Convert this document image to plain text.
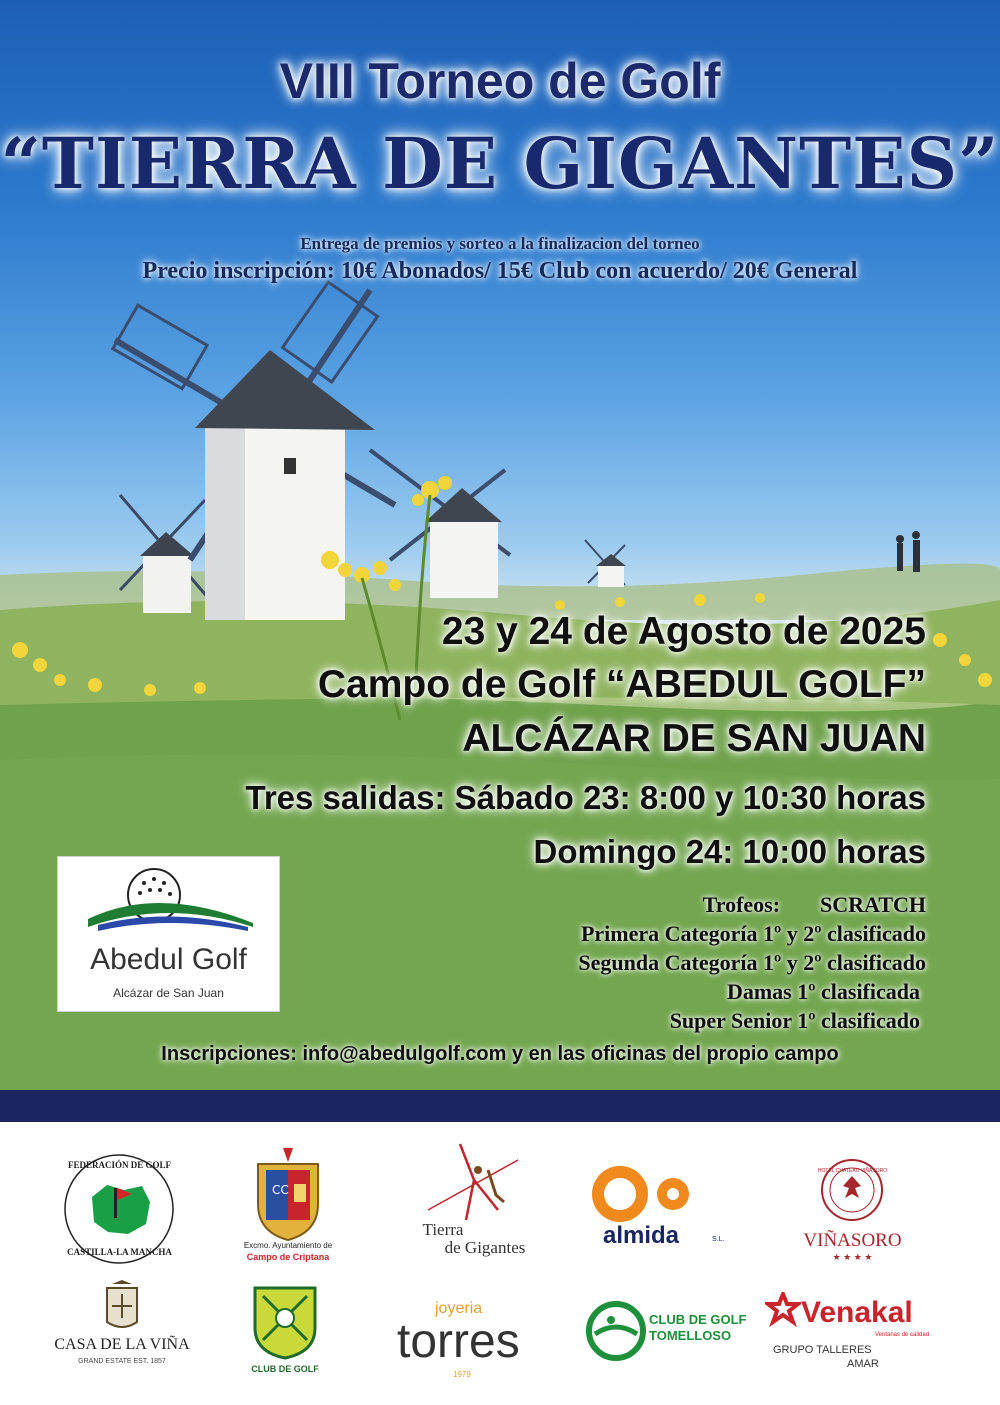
VIII Torneo de Golf
“TIERRA DE GIGANTES”
Entrega de premios y sorteo a la finalizacion del torneo
Precio inscripción: 10€ Abonados/ 15€ Club con acuerdo/ 20€ General
23 y 24 de Agosto de 2025
Campo de Golf “ABEDUL GOLF”
ALCÁZAR DE SAN JUAN
Tres salidas: Sábado 23: 8:00 y 10:30 horas
Domingo 24: 10:00 horas
Trofeos: SCRATCH
Primera Categoría 1º y 2º clasificado
Segunda Categoría 1º y 2º clasificado
Damas 1º clasificada
Super Senior 1º clasificado
Inscripciones: info@abedulgolf.com y en las oficinas del propio campo
Abedul Golf
Alcázar de San Juan
FEDERACIÓN DE GOLF
CASTILLA-LA MANCHA
CC
Excmo. Ayuntamiento de
Campo de Criptana
Tierra
de Gigantes	almida	S.L.
HOTEL CHATEAU VIÑASORO
VIÑASORO
★ ★ ★ ★
CASA DE LA VIÑA
GRAND ESTATE EST. 1857
CLUB DE GOLF
joyeria
torres
1979
CLUB DE GOLF
TOMELLOSO
Venakal
Ventanas de calidad
GRUPO TALLERES
AMAR
